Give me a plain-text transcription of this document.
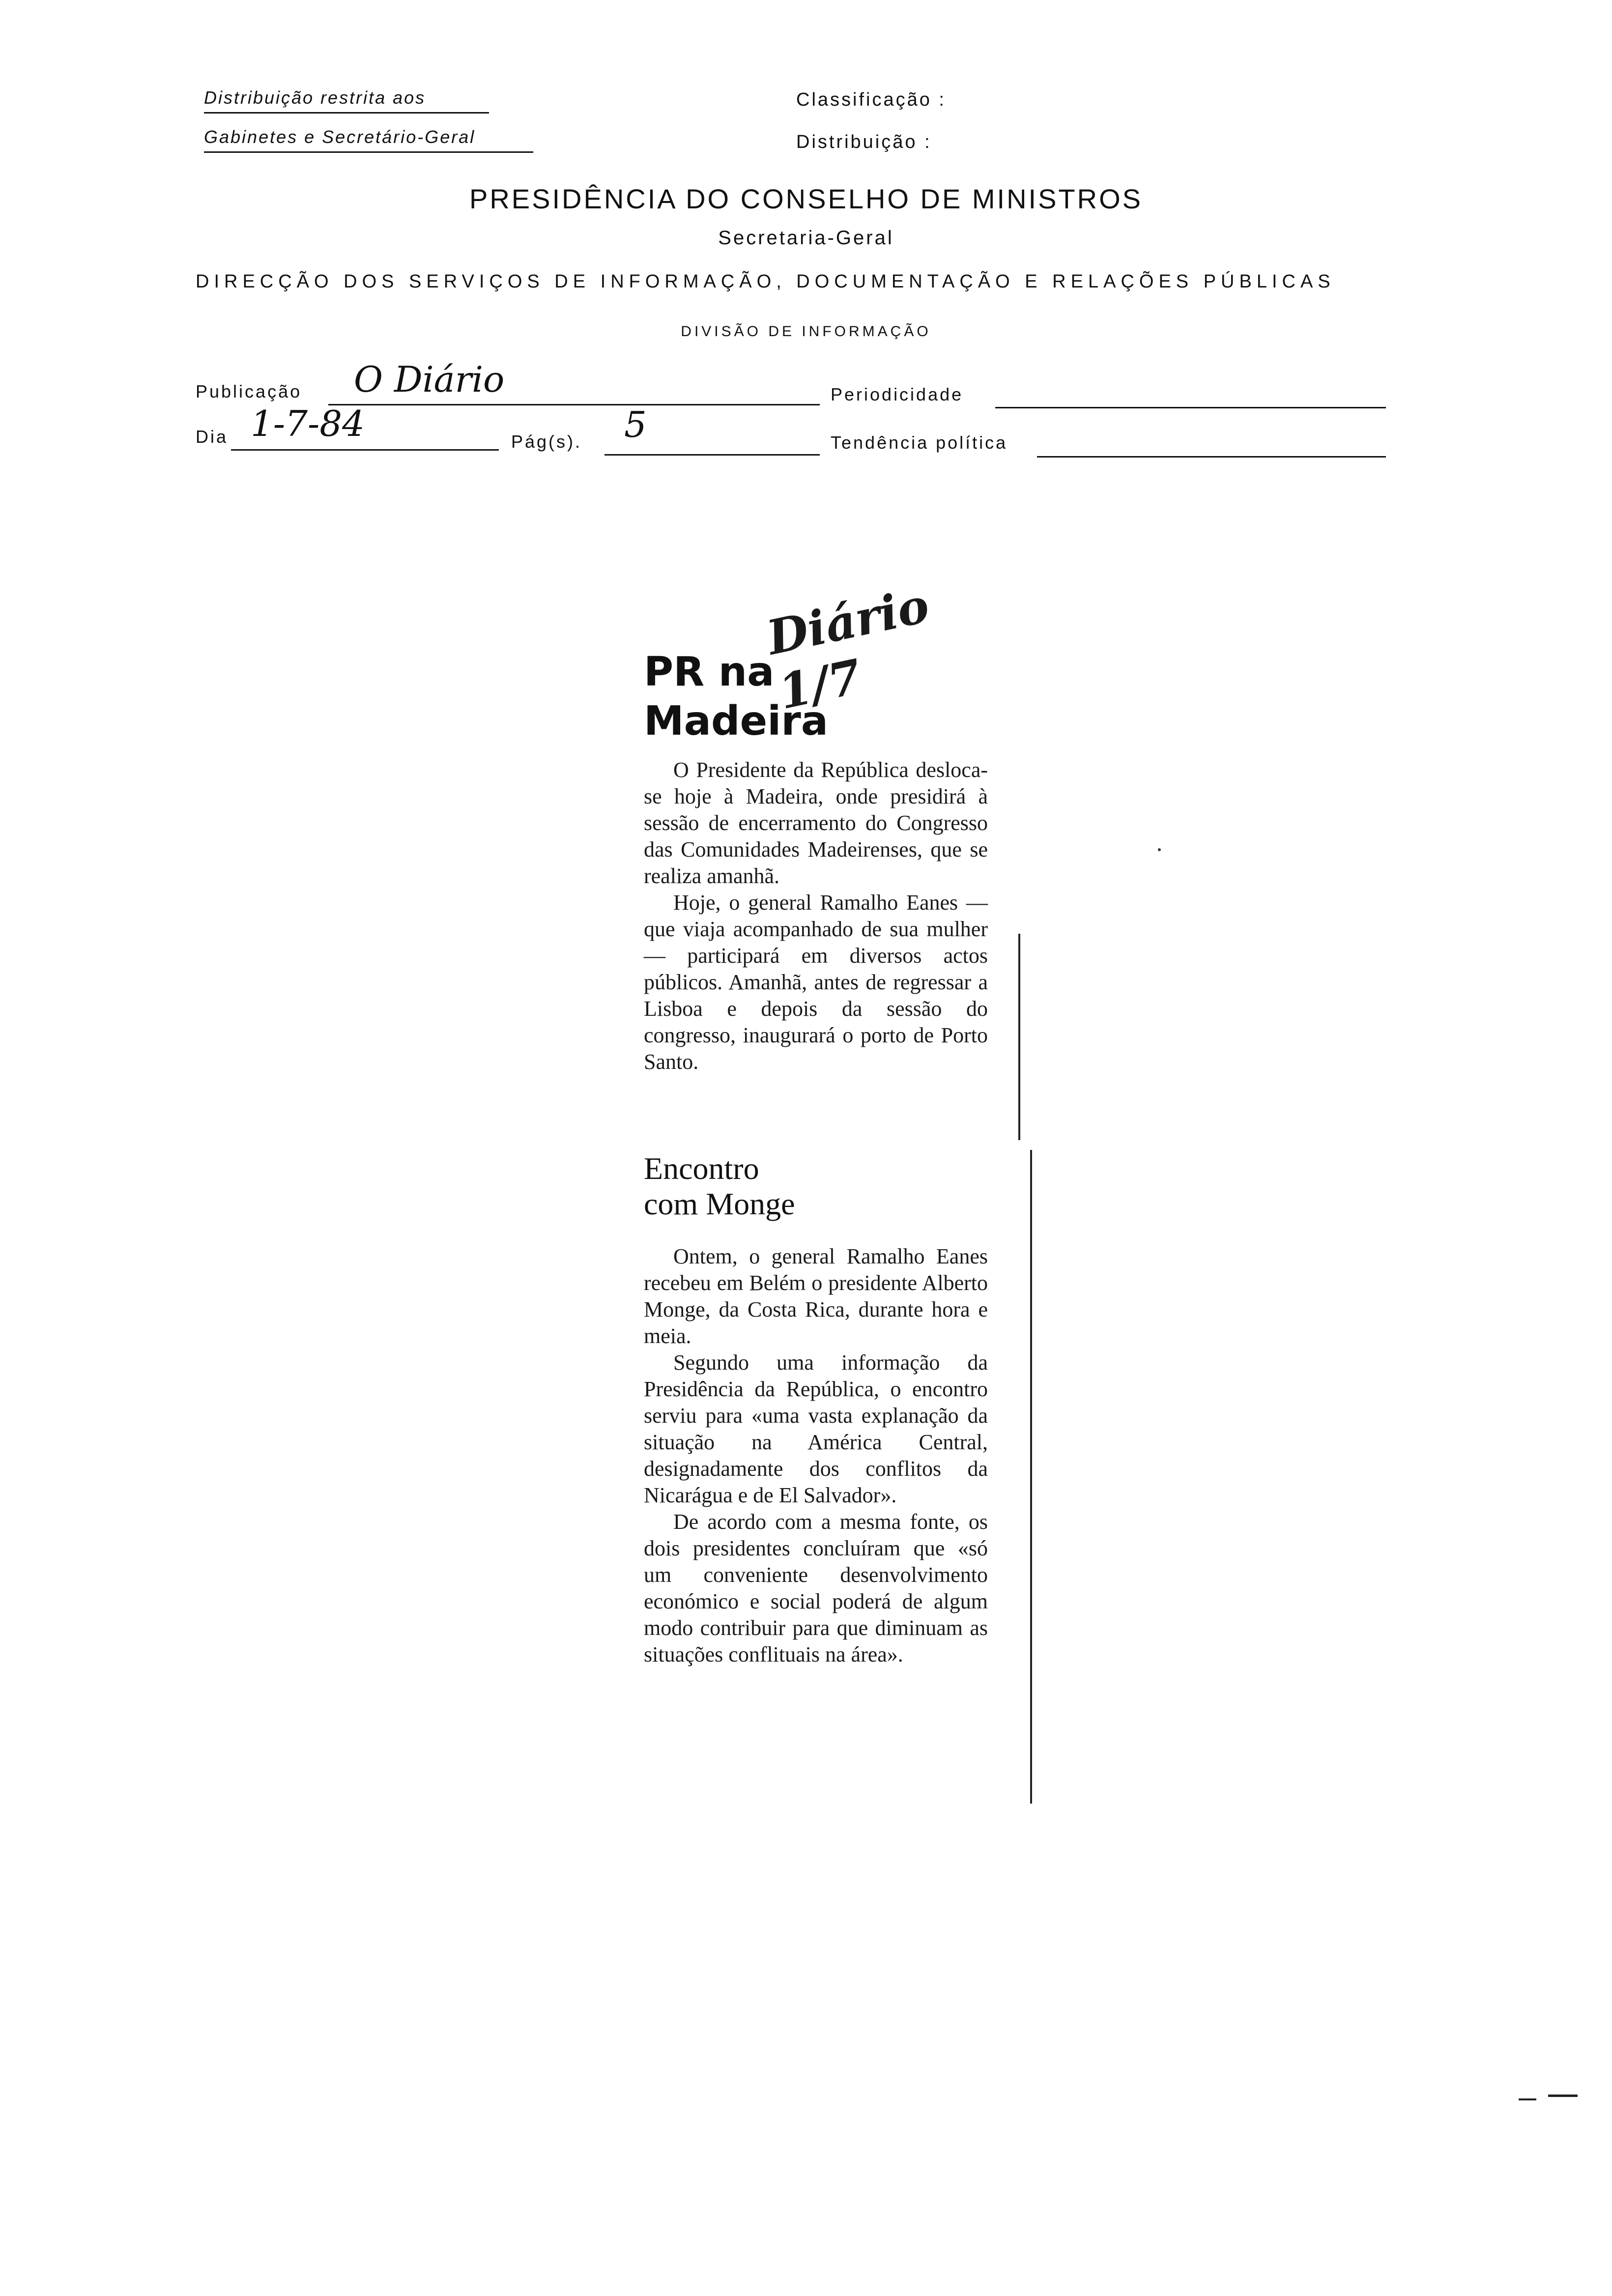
Distribuição restrita aos
Gabinetes e Secretário-Geral
Classificação :
Distribuição :
PRESIDÊNCIA DO CONSELHO DE MINISTROS
Secretaria-Geral
DIRECÇÃO DOS SERVIÇOS DE INFORMAÇÃO, DOCUMENTAÇÃO E RELAÇÕES PÚBLICAS
DIVISÃO DE INFORMAÇÃO
Publicação O Diário	Periodicidade
Dia 1-7-84	Pág(s). 5	Tendência política
Diário 1/7
PR na
Madeira

O Presidente da República desloca-se hoje à Madeira, onde presidirá à sessão de encerramento do Congresso das Comunidades Madeirenses, que se realiza amanhã.

Hoje, o general Ramalho Eanes — que viaja acompanhado de sua mulher — participará em diversos actos públicos. Amanhã, antes de regressar a Lisboa e depois da sessão do congresso, inaugurará o porto de Porto Santo.

Encontro
com Monge

Ontem, o general Ramalho Eanes recebeu em Belém o presidente Alberto Monge, da Costa Rica, durante hora e meia.

Segundo uma informação da Presidência da República, o encontro serviu para «uma vasta explanação da situação na América Central, designadamente dos conflitos da Nicarágua e de El Salvador».

De acordo com a mesma fonte, os dois presidentes concluíram que «só um conveniente desenvolvimento económico e social poderá de algum modo contribuir para que diminuam as situações conflituais na área».
